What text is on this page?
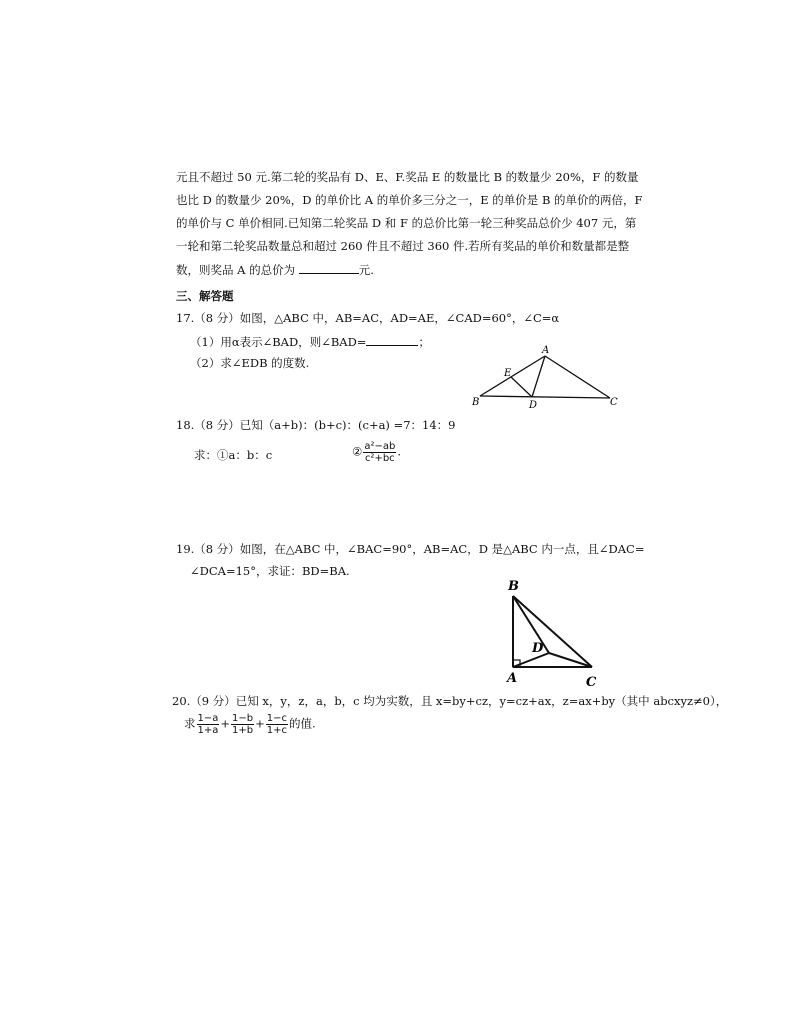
元且不超过 50 元.第二轮的奖品有 D、E、F.奖品 E 的数量比 B 的数量少 20%，F 的数量
也比 D 的数量少 20%，D 的单价比 A 的单价多三分之一，E 的单价是 B 的单价的两倍，F
的单价与 C 单价相同.已知第二轮奖品 D 和 F 的总价比第一轮三种奖品总价少 407 元，第
一轮和第二轮奖品数量总和超过 260 件且不超过 360 件.若所有奖品的单价和数量都是整
数，则奖品 A 的总价为	元.
三、解答题
17.（8 分）如图，△ABC 中，AB=AC，AD=AE，∠CAD=60°，∠C=α
（1）用α表示∠BAD，则∠BAD=	；
（2）求∠EDB 的度数.
A
B	C
D
E
18.（8 分）已知（a+b)：(b+c)：(c+a) =7：14：9
求：①a：b：c	② $\frac{\text{a²−ab}}{\text{c²+bc}}$ .
19.（8 分）如图，在△ABC 中，∠BAC=90°，AB=AC，D 是△ABC 内一点，且∠DAC=
∠DCA=15°，求证：BD=BA.
B
A	C
D
20.（9 分）已知 x，y，z，a，b，c 均为实数，且 x=by+cz，y=cz+ax，z=ax+by（其中 abcxyz≠0），
求 $\frac{1-a}{1+a} + \frac{1-b}{1+b} + \frac{1-c}{1+c}$ 的值.
